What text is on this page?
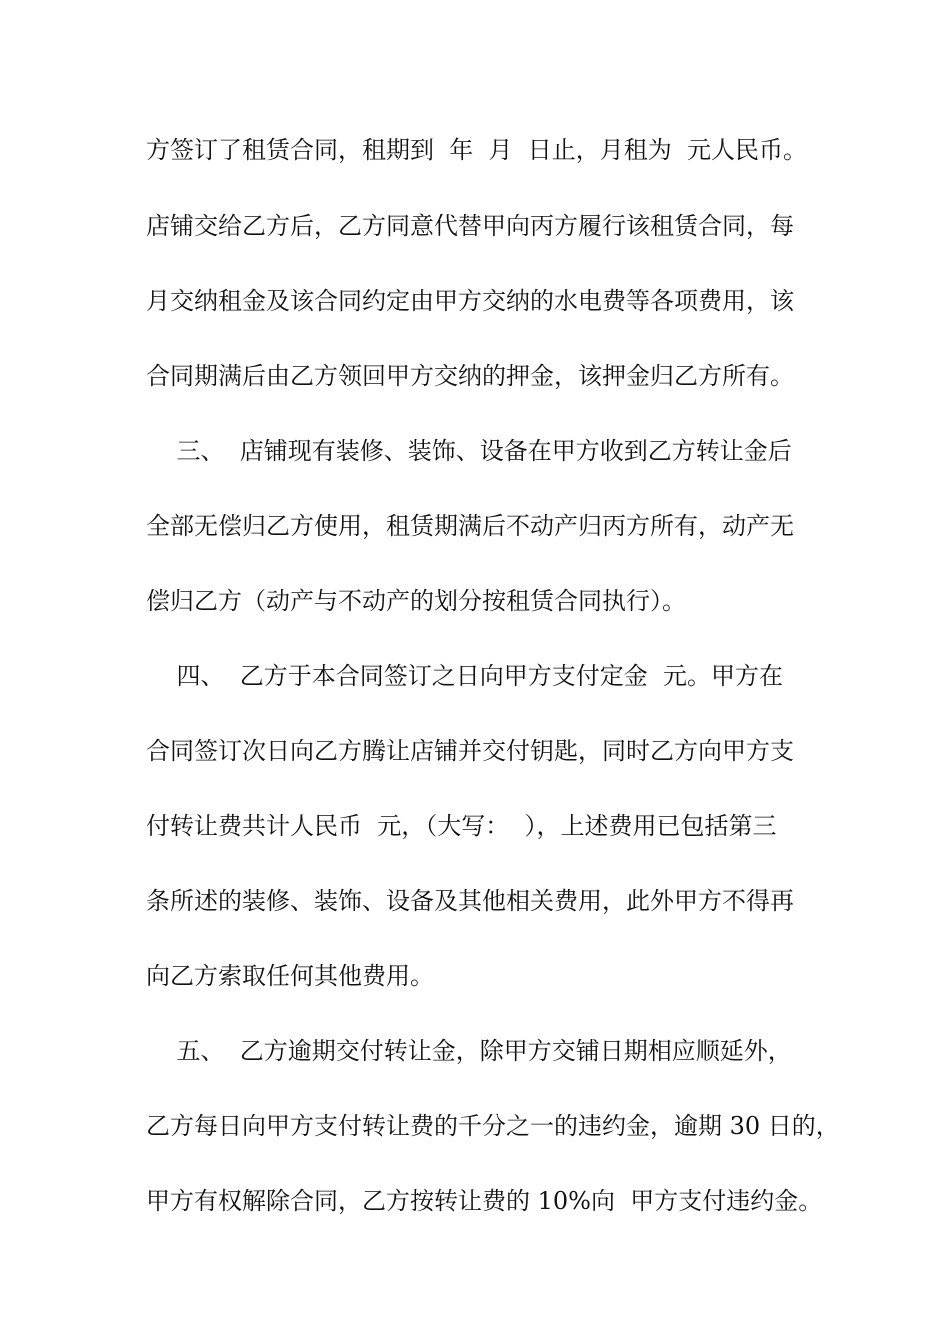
方签订了租赁合同，租期到  年  月  日止，月租为  元人民币。
店铺交给乙方后，乙方同意代替甲向丙方履行该租赁合同，每
月交纳租金及该合同约定由甲方交纳的水电费等各项费用，该
合同期满后由乙方领回甲方交纳的押金，该押金归乙方所有。
三、  店铺现有装修、装饰、设备在甲方收到乙方转让金后
全部无偿归乙方使用，租赁期满后不动产归丙方所有，动产无
偿归乙方（动产与不动产的划分按租赁合同执行）。
四、  乙方于本合同签订之日向甲方支付定金  元。甲方在
合同签订次日向乙方腾让店铺并交付钥匙，同时乙方向甲方支
付转让费共计人民币  元，（大写：  ），上述费用已包括第三
条所述的装修、装饰、设备及其他相关费用，此外甲方不得再
向乙方索取任何其他费用。
五、  乙方逾期交付转让金，除甲方交铺日期相应顺延外，
乙方每日向甲方支付转让费的千分之一的违约金，逾期 30 日的，
甲方有权解除合同，乙方按转让费的 10%向  甲方支付违约金。
